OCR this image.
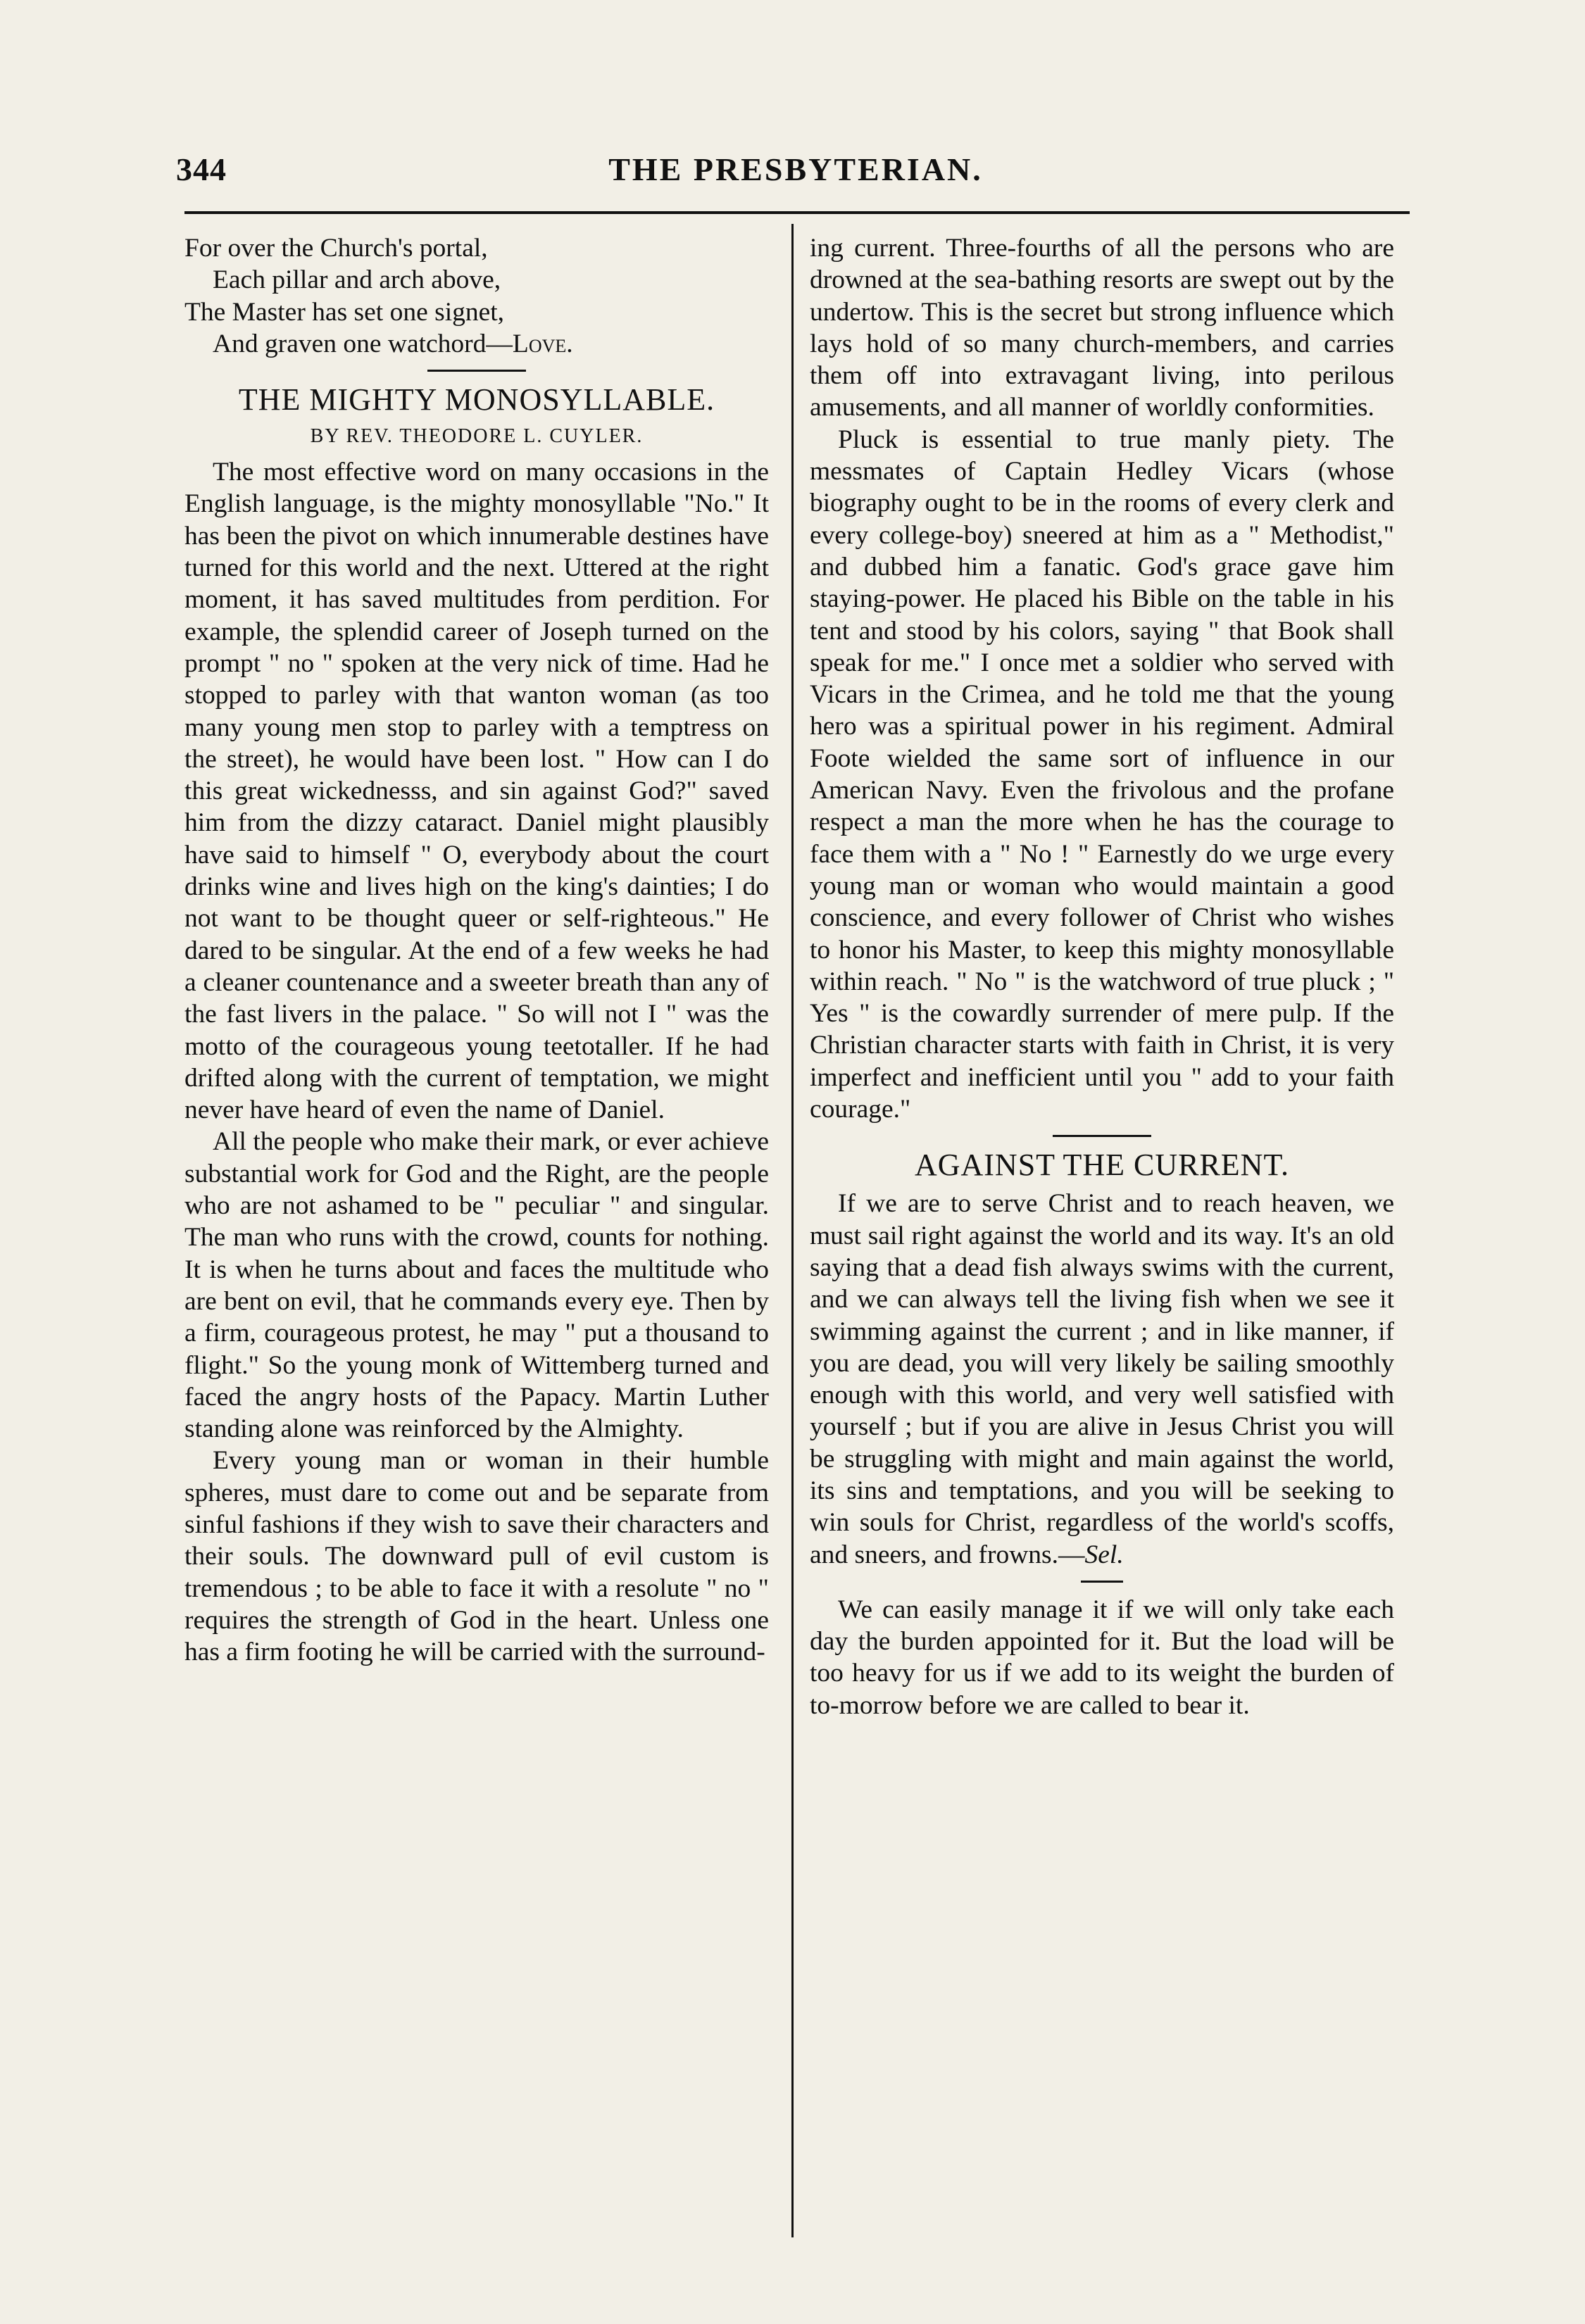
344	THE PRESBYTERIAN.
For over the Church's portal,
Each pillar and arch above,
The Master has set one signet,
And graven one watchord—Love.
THE MIGHTY MONOSYLLABLE.
BY REV. THEODORE L. CUYLER.

The most effective word on many occasions in the English language, is the mighty monosyllable "No." It has been the pivot on which innumerable destines have turned for this world and the next. Uttered at the right moment, it has saved multitudes from perdition. For example, the splendid career of Joseph turned on the prompt " no " spoken at the very nick of time. Had he stopped to parley with that wanton woman (as too many young men stop to parley with a temptress on the street), he would have been lost. " How can I do this great wickednesss, and sin against God?" saved him from the dizzy cataract. Daniel might plausibly have said to himself " O, everybody about the court drinks wine and lives high on the king's dainties; I do not want to be thought queer or self-righteous." He dared to be singular. At the end of a few weeks he had a cleaner countenance and a sweeter breath than any of the fast livers in the palace. " So will not I " was the motto of the courageous young teetotaller. If he had drifted along with the current of temptation, we might never have heard of even the name of Daniel.

All the people who make their mark, or ever achieve substantial work for God and the Right, are the people who are not ashamed to be " peculiar " and singular. The man who runs with the crowd, counts for nothing. It is when he turns about and faces the multitude who are bent on evil, that he commands every eye. Then by a firm, courageous protest, he may " put a thousand to flight." So the young monk of Wittemberg turned and faced the angry hosts of the Papacy. Martin Luther standing alone was reinforced by the Almighty.

Every young man or woman in their humble spheres, must dare to come out and be separate from sinful fashions if they wish to save their characters and their souls. The downward pull of evil custom is tremendous ; to be able to face it with a resolute " no " requires the strength of God in the heart. Unless one has a firm footing he will be carried with the surround-

ing current. Three-fourths of all the persons who are drowned at the sea-bathing resorts are swept out by the undertow. This is the secret but strong influence which lays hold of so many church-members, and carries them off into extravagant living, into perilous amusements, and all manner of worldly conformities.

Pluck is essential to true manly piety. The messmates of Captain Hedley Vicars (whose biography ought to be in the rooms of every clerk and every college-boy) sneered at him as a " Methodist," and dubbed him a fanatic. God's grace gave him staying-power. He placed his Bible on the table in his tent and stood by his colors, saying " that Book shall speak for me." I once met a soldier who served with Vicars in the Crimea, and he told me that the young hero was a spiritual power in his regiment. Admiral Foote wielded the same sort of influence in our American Navy. Even the frivolous and the profane respect a man the more when he has the courage to face them with a " No ! " Earnestly do we urge every young man or woman who would maintain a good conscience, and every follower of Christ who wishes to honor his Master, to keep this mighty monosyllable within reach. " No " is the watchword of true pluck ; " Yes " is the cowardly surrender of mere pulp. If the Christian character starts with faith in Christ, it is very imperfect and inefficient until you " add to your faith courage."

AGAINST THE CURRENT.

If we are to serve Christ and to reach heaven, we must sail right against the world and its way. It's an old saying that a dead fish always swims with the current, and we can always tell the living fish when we see it swimming against the current ; and in like manner, if you are dead, you will very likely be sailing smoothly enough with this world, and very well satisfied with yourself ; but if you are alive in Jesus Christ you will be struggling with might and main against the world, its sins and temptations, and you will be seeking to win souls for Christ, regardless of the world's scoffs, and sneers, and frowns.—Sel.

We can easily manage it if we will only take each day the burden appointed for it. But the load will be too heavy for us if we add to its weight the burden of to-morrow before we are called to bear it.
